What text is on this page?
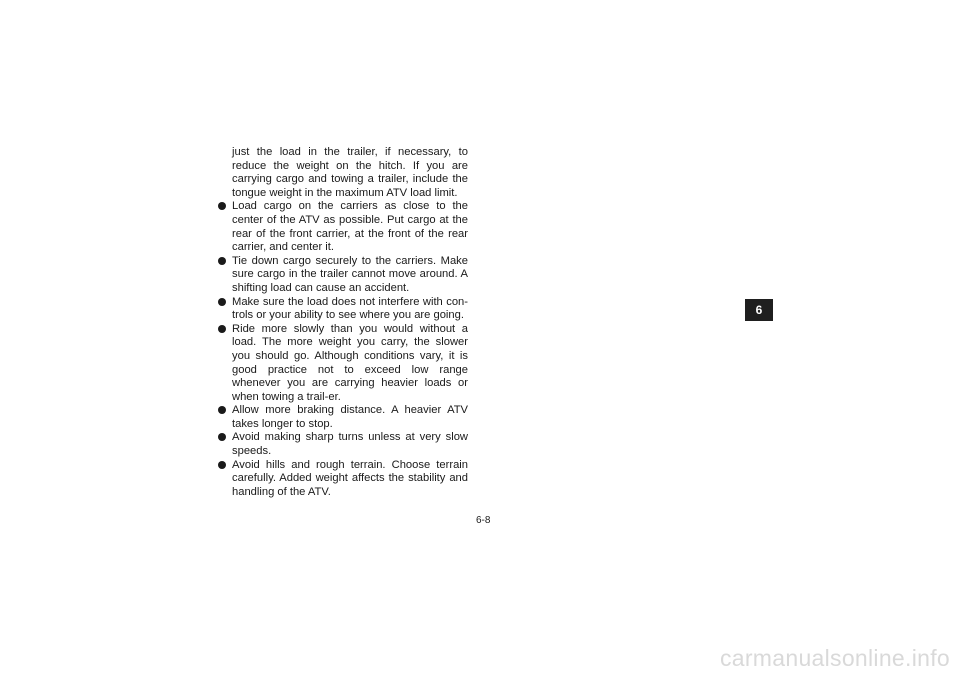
just the load in the trailer, if necessary, to reduce the weight on the hitch. If you are carrying cargo and towing a trailer, include the tongue weight in the maximum ATV load limit.

Load cargo on the carriers as close to the center of the ATV as possible. Put cargo at the rear of the front carrier, at the front of the rear carrier, and center it.
Tie down cargo securely to the carriers. Make sure cargo in the trailer cannot move around. A shifting load can cause an accident.
Make sure the load does not interfere with con-trols or your ability to see where you are going.
Ride more slowly than you would without a load. The more weight you carry, the slower you should go. Although conditions vary, it is good practice not to exceed low range whenever you are carrying heavier loads or when towing a trail-er.
Allow more braking distance. A heavier ATV takes longer to stop.
Avoid making sharp turns unless at very slow speeds.
Avoid hills and rough terrain. Choose terrain carefully. Added weight affects the stability and handling of the ATV.
6-8
6
carmanualsonline.info
